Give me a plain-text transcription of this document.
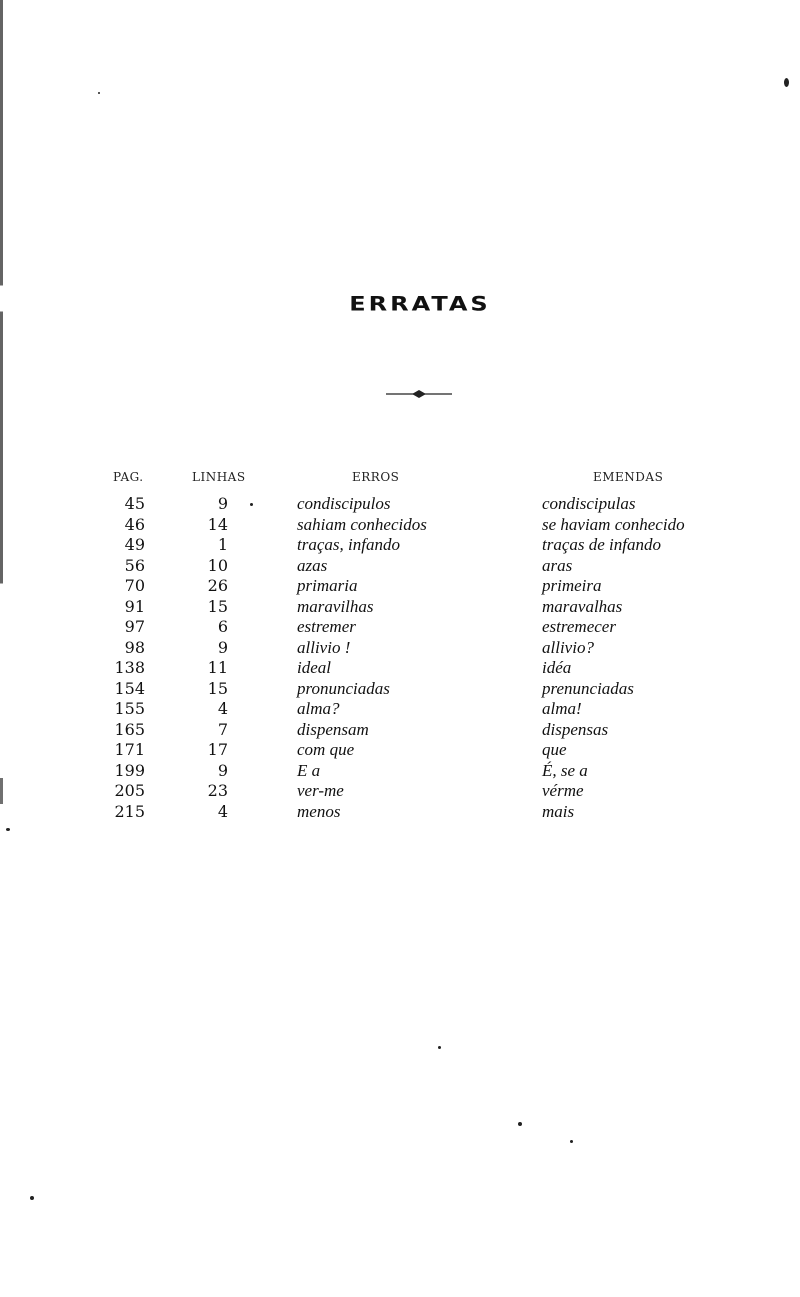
ERRATAS
PAG.	LINHAS	ERROS	EMENDAS
45	9	condiscipulos	condiscipulas
46	14	sahiam conhecidos	se haviam conhecido
49	1	traças, infando	traças de infando
56	10	azas	aras
70	26	primaria	primeira
91	15	maravilhas	maravalhas
97	6	estremer	estremecer
98	9	allivio !	allivio?
138	11	ideal	idéa
154	15	pronunciadas	prenunciadas
155	4	alma?	alma!
165	7	dispensam	dispensas
171	17	com que	que
199	9	E a	É, se a
205	23	ver-me	vérme
215	4	menos	mais
